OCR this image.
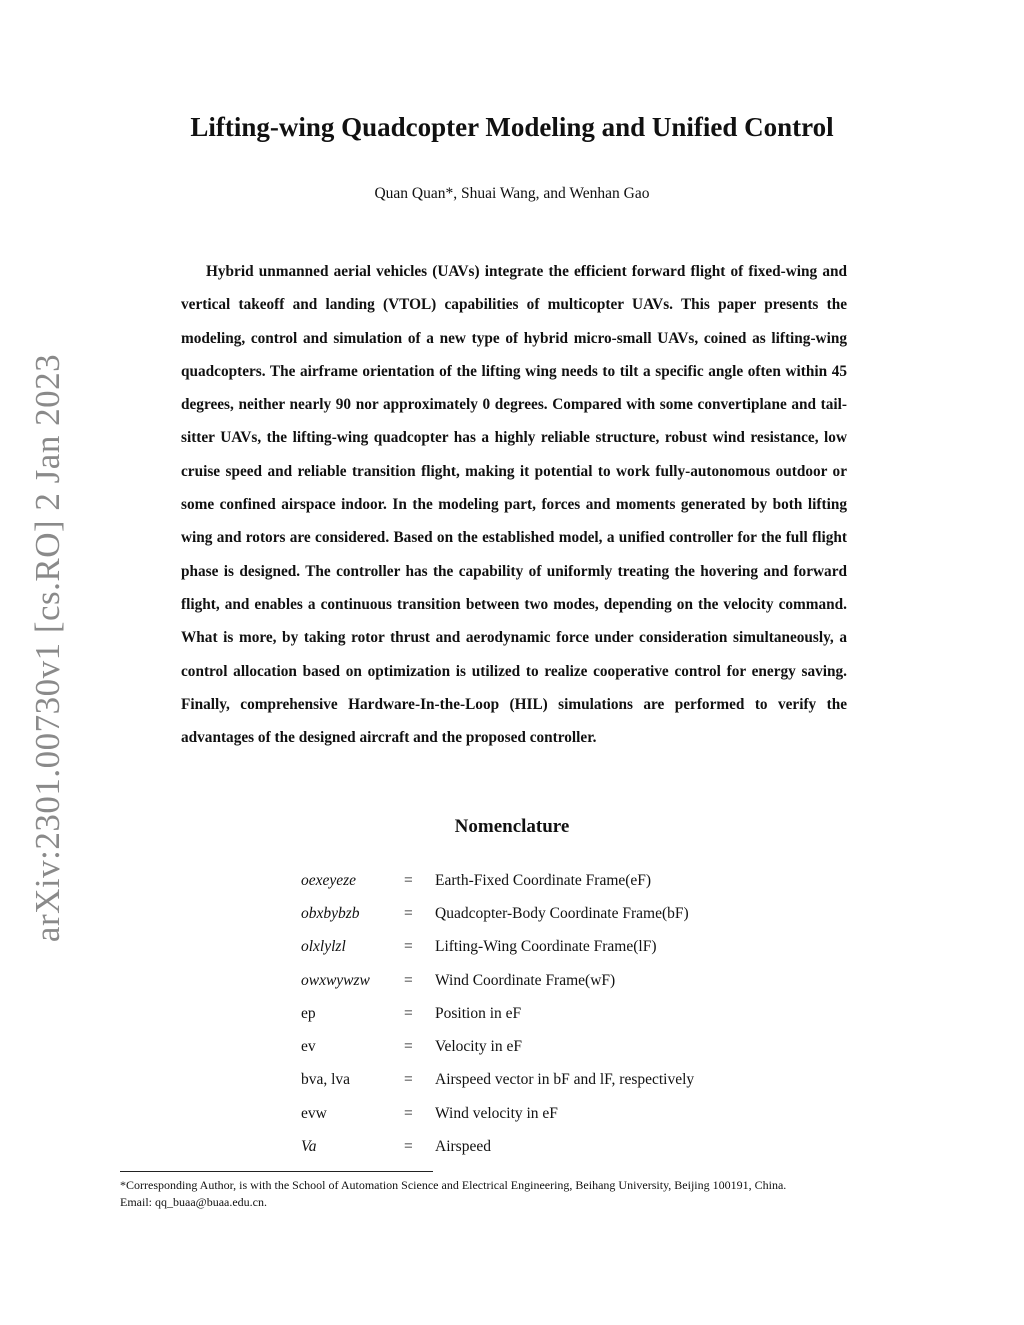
arXiv:2301.00730v1 [cs.RO] 2 Jan 2023
Lifting-wing Quadcopter Modeling and Unified Control
Quan Quan*, Shuai Wang, and Wenhan Gao

Hybrid unmanned aerial vehicles (UAVs) integrate the efficient forward flight of fixed-wing and vertical takeoff and landing (VTOL) capabilities of multicopter UAVs. This paper presents the modeling, control and simulation of a new type of hybrid micro-small UAVs, coined as lifting-wing quadcopters. The airframe orientation of the lifting wing needs to tilt a specific angle often within 45 degrees, neither nearly 90 nor approximately 0 degrees. Compared with some convertiplane and tail-sitter UAVs, the lifting-wing quadcopter has a highly reliable structure, robust wind resistance, low cruise speed and reliable transition flight, making it potential to work fully-autonomous outdoor or some confined airspace indoor. In the modeling part, forces and moments generated by both lifting wing and rotors are considered. Based on the established model, a unified controller for the full flight phase is designed. The controller has the capability of uniformly treating the hovering and forward flight, and enables a continuous transition between two modes, depending on the velocity command. What is more, by taking rotor thrust and aerodynamic force under consideration simultaneously, a control allocation based on optimization is utilized to realize cooperative control for energy saving. Finally, comprehensive Hardware-In-the-Loop (HIL) simulations are performed to verify the advantages of the designed aircraft and the proposed controller.

Nomenclature
oexeyeze	=	Earth-Fixed Coordinate Frame(eF)
obxbybzb	=	Quadcopter-Body Coordinate Frame(bF)
olxlylzl	=	Lifting-Wing Coordinate Frame(lF)
owxwywzw	=	Wind Coordinate Frame(wF)
ep	=	Position in eF
ev	=	Velocity in eF
bva, lva	=	Airspeed vector in bF and lF, respectively
evw	=	Wind velocity in eF
Va	=	Airspeed

*Corresponding Author, is with the School of Automation Science and Electrical Engineering, Beihang University, Beijing 100191, China.
Email: qq_buaa@buaa.edu.cn.
